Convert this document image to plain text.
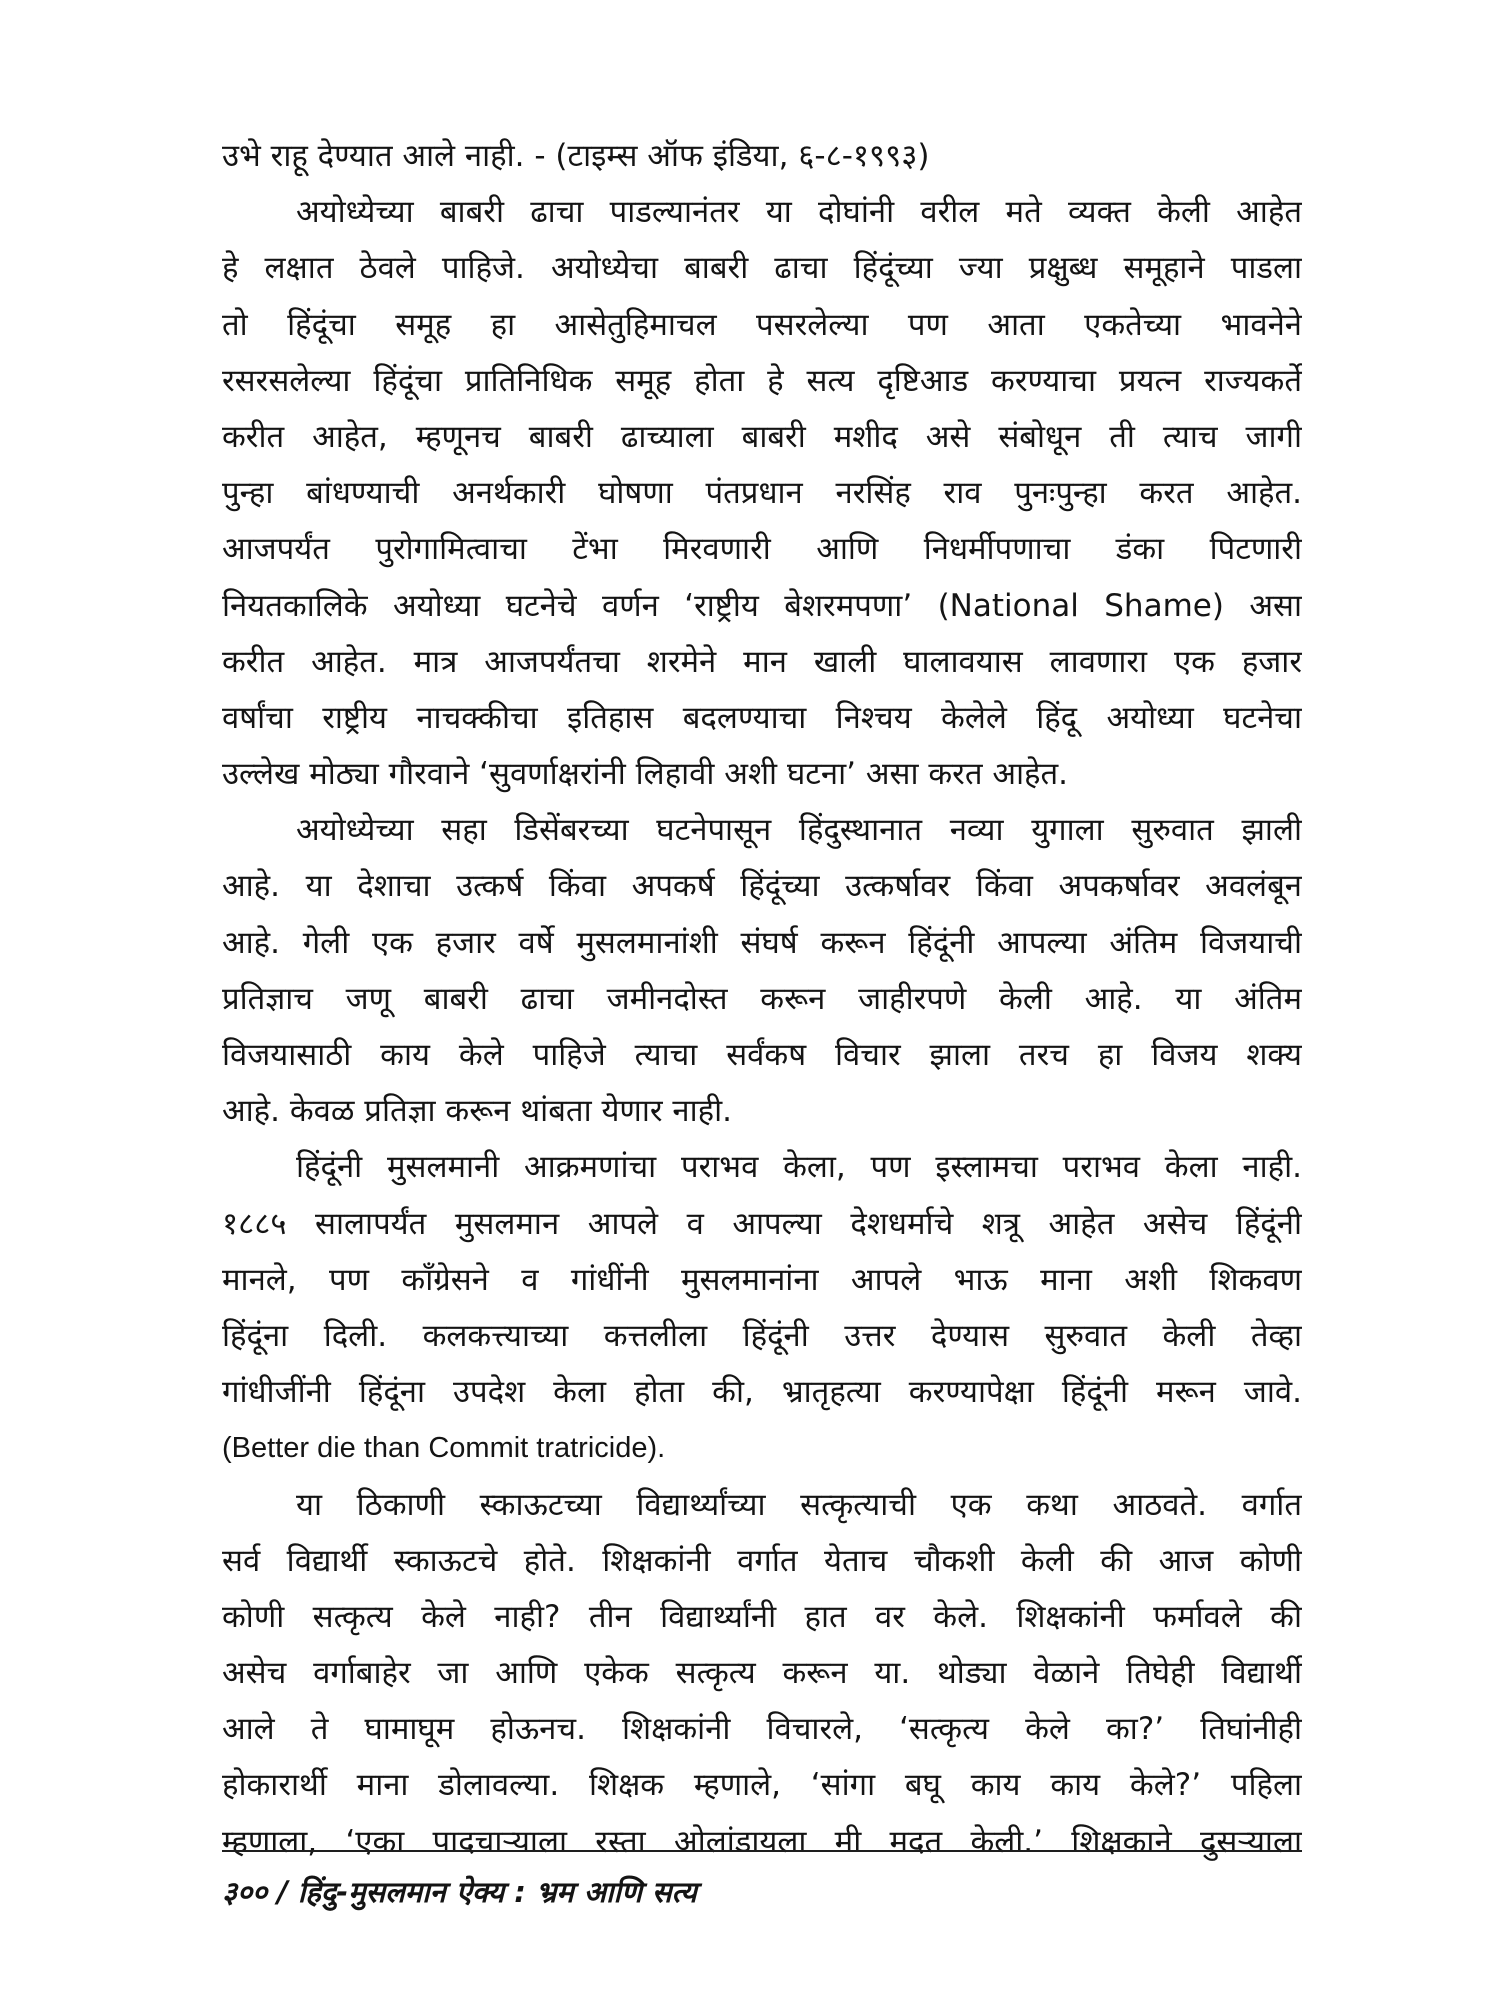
उभे राहू देण्यात आले नाही. - (टाइम्स ऑफ इंडिया, ६-८-१९९३)
अयोध्येच्या बाबरी ढाचा पाडल्यानंतर या दोघांनी वरील मते व्यक्त केली आहेत
हे लक्षात ठेवले पाहिजे. अयोध्येचा बाबरी ढाचा हिंदूंच्या ज्या प्रक्षुब्ध समूहाने पाडला
तो हिंदूंचा समूह हा आसेतुहिमाचल पसरलेल्या पण आता एकतेच्या भावनेने
रसरसलेल्या हिंदूंचा प्रातिनिधिक समूह होता हे सत्य दृष्टिआड करण्याचा प्रयत्न राज्यकर्ते
करीत आहेत, म्हणूनच बाबरी ढाच्याला बाबरी मशीद असे संबोधून ती त्याच जागी
पुन्हा बांधण्याची अनर्थकारी घोषणा पंतप्रधान नरसिंह राव पुनःपुन्हा करत आहेत.
आजपर्यंत पुरोगामित्वाचा टेंभा मिरवणारी आणि निधर्मीपणाचा डंका पिटणारी
नियतकालिके अयोध्या घटनेचे वर्णन ‘राष्ट्रीय बेशरमपणा’ (National Shame) असा
करीत आहेत. मात्र आजपर्यंतचा शरमेने मान खाली घालावयास लावणारा एक हजार
वर्षांचा राष्ट्रीय नाचक्कीचा इतिहास बदलण्याचा निश्चय केलेले हिंदू अयोध्या घटनेचा
उल्लेख मोठ्या गौरवाने ‘सुवर्णाक्षरांनी लिहावी अशी घटना’ असा करत आहेत.
अयोध्येच्या सहा डिसेंबरच्या घटनेपासून हिंदुस्थानात नव्या युगाला सुरुवात झाली
आहे. या देशाचा उत्कर्ष किंवा अपकर्ष हिंदूंच्या उत्कर्षावर किंवा अपकर्षावर अवलंबून
आहे. गेली एक हजार वर्षे मुसलमानांशी संघर्ष करून हिंदूंनी आपल्या अंतिम विजयाची
प्रतिज्ञाच जणू बाबरी ढाचा जमीनदोस्त करून जाहीरपणे केली आहे. या अंतिम
विजयासाठी काय केले पाहिजे त्याचा सर्वंकष विचार झाला तरच हा विजय शक्य
आहे. केवळ प्रतिज्ञा करून थांबता येणार नाही.
हिंदूंनी मुसलमानी आक्रमणांचा पराभव केला, पण इस्लामचा पराभव केला नाही.
१८८५ सालापर्यंत मुसलमान आपले व आपल्या देशधर्माचे शत्रू आहेत असेच हिंदूंनी
मानले, पण काँग्रेसने व गांधींनी मुसलमानांना आपले भाऊ माना अशी शिकवण
हिंदूंना दिली. कलकत्त्याच्या कत्तलीला हिंदूंनी उत्तर देण्यास सुरुवात केली तेव्हा
गांधीजींनी हिंदूंना उपदेश केला होता की, भ्रातृहत्या करण्यापेक्षा हिंदूंनी मरून जावे.
(Better die than Commit tratricide).
या ठिकाणी स्काऊटच्या विद्यार्थ्यांच्या सत्कृत्याची एक कथा आठवते. वर्गात
सर्व विद्यार्थी स्काऊटचे होते. शिक्षकांनी वर्गात येताच चौकशी केली की आज कोणी
कोणी सत्कृत्य केले नाही? तीन विद्यार्थ्यांनी हात वर केले. शिक्षकांनी फर्मावले की
असेच वर्गाबाहेर जा आणि एकेक सत्कृत्य करून या. थोड्या वेळाने तिघेही विद्यार्थी
आले ते घामाघूम होऊनच. शिक्षकांनी विचारले, ‘सत्कृत्य केले का?’ तिघांनीही
होकारार्थी माना डोलावल्या. शिक्षक म्हणाले, ‘सांगा बघू काय काय केले?’ पहिला
म्हणाला, ‘एका पादचाऱ्याला रस्ता ओलांडायला मी मदत केली.’ शिक्षकाने दुसऱ्याला
३०० / हिंदु-मुसलमान ऐक्य : भ्रम आणि सत्य
